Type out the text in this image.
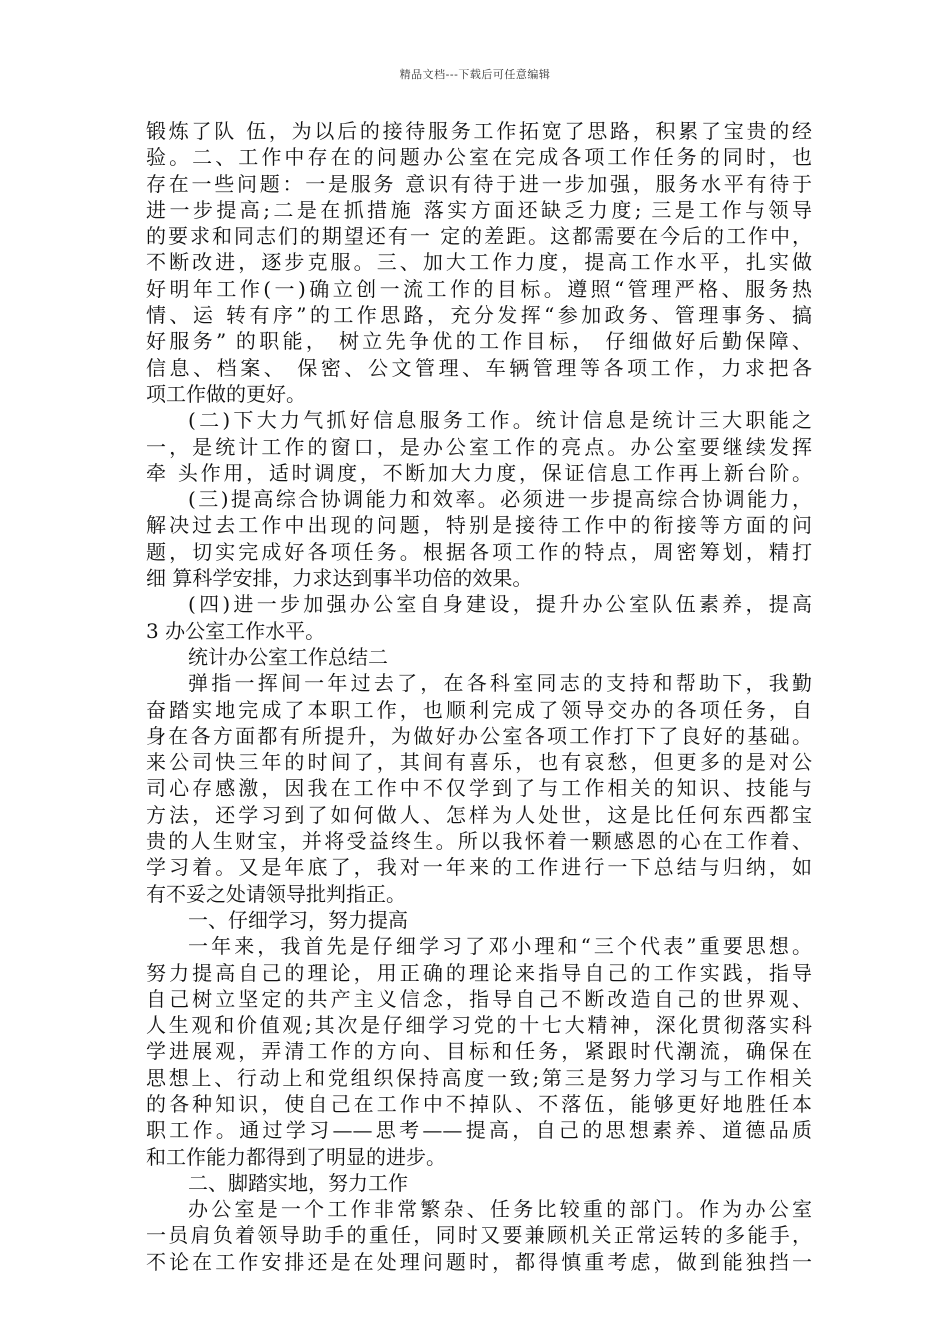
精品文档---下载后可任意编辑
锻炼了队 伍，为以后的接待服务工作拓宽了思路，积累了宝贵的经
验。二、工作中存在的问题办公室在完成各项工作任务的同时，也
存在一些问题：一是服务 意识有待于进一步加强，服务水平有待于
进一步提高;二是在抓措施 落实方面还缺乏力度; 三是工作与领导
的要求和同志们的期望还有一 定的差距。这都需要在今后的工作中，
不断改进，逐步克服。三、加大工作力度，提高工作水平，扎实做
好明年工作(一)确立创一流工作的目标。遵照“管理严格、服务热
情、运 转有序”的工作思路，充分发挥“参加政务、管理事务、搞
好服务” 的职能， 树立先争优的工作目标， 仔细做好后勤保障、
信息、档案、 保密、公文管理、车辆管理等各项工作，力求把各
项工作做的更好。
(二)下大力气抓好信息服务工作。统计信息是统计三大职能之
一，是统计工作的窗口，是办公室工作的亮点。办公室要继续发挥
牵 头作用，适时调度，不断加大力度，保证信息工作再上新台阶。
(三)提高综合协调能力和效率。必须进一步提高综合协调能力，
解决过去工作中出现的问题，特别是接待工作中的衔接等方面的问
题，切实完成好各项任务。根据各项工作的特点，周密筹划，精打
细 算科学安排，力求达到事半功倍的效果。
(四)进一步加强办公室自身建设，提升办公室队伍素养，提高
3 办公室工作水平。
统计办公室工作总结二
弹指一挥间一年过去了，在各科室同志的支持和帮助下，我勤
奋踏实地完成了本职工作，也顺利完成了领导交办的各项任务，自
身在各方面都有所提升，为做好办公室各项工作打下了良好的基础。
来公司快三年的时间了，其间有喜乐，也有哀愁，但更多的是对公
司心存感激，因我在工作中不仅学到了与工作相关的知识、技能与
方法，还学习到了如何做人、怎样为人处世，这是比任何东西都宝
贵的人生财宝，并将受益终生。所以我怀着一颗感恩的心在工作着、
学习着。又是年底了，我对一年来的工作进行一下总结与归纳，如
有不妥之处请领导批判指正。
一、仔细学习，努力提高
一年来，我首先是仔细学习了邓小理和“三个代表”重要思想。
努力提高自己的理论，用正确的理论来指导自己的工作实践，指导
自己树立坚定的共产主义信念，指导自己不断改造自己的世界观、
人生观和价值观;其次是仔细学习党的十七大精神，深化贯彻落实科
学进展观，弄清工作的方向、目标和任务，紧跟时代潮流，确保在
思想上、行动上和党组织保持高度一致;第三是努力学习与工作相关
的各种知识，使自己在工作中不掉队、不落伍，能够更好地胜任本
职工作。通过学习——思考——提高，自己的思想素养、道德品质
和工作能力都得到了明显的进步。
二、脚踏实地，努力工作
办公室是一个工作非常繁杂、任务比较重的部门。作为办公室
一员肩负着领导助手的重任，同时又要兼顾机关正常运转的多能手，
不论在工作安排还是在处理问题时，都得慎重考虑，做到能独挡一
